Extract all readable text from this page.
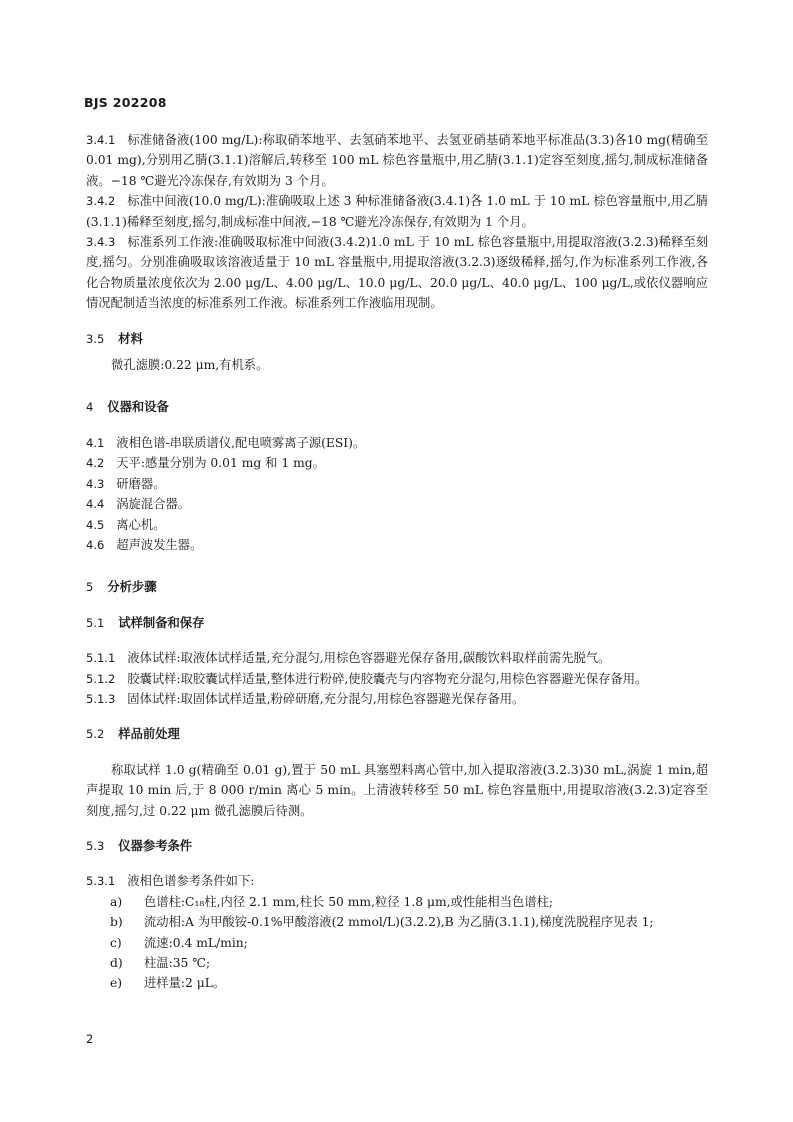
BJS 202208

3.4.1 标准储备液(100 mg/L):称取硝苯地平、去氢硝苯地平、去氢亚硝基硝苯地平标准品(3.3)各10 mg(精确至 0.01 mg),分别用乙腈(3.1.1)溶解后,转移至 100 mL 棕色容量瓶中,用乙腈(3.1.1)定容至刻度,摇匀,制成标准储备液。−18 ℃避光冷冻保存,有效期为 3 个月。

3.4.2 标准中间液(10.0 mg/L):准确吸取上述 3 种标准储备液(3.4.1)各 1.0 mL 于 10 mL 棕色容量瓶中,用乙腈(3.1.1)稀释至刻度,摇匀,制成标准中间液,−18 ℃避光冷冻保存,有效期为 1 个月。

3.4.3 标准系列工作液:准确吸取标准中间液(3.4.2)1.0 mL 于 10 mL 棕色容量瓶中,用提取溶液(3.2.3)稀释至刻度,摇匀。分别准确吸取该溶液适量于 10 mL 容量瓶中,用提取溶液(3.2.3)逐级稀释,摇匀,作为标准系列工作液,各化合物质量浓度依次为 2.00 μg/L、4.00 μg/L、10.0 μg/L、20.0 μg/L、40.0 μg/L、100 μg/L,或依仪器响应情况配制适当浓度的标准系列工作液。标准系列工作液临用现制。

3.5 材料

微孔滤膜:0.22 μm,有机系。

4 仪器和设备

4.1 液相色谱-串联质谱仪,配电喷雾离子源(ESI)。

4.2 天平:感量分别为 0.01 mg 和 1 mg。

4.3 研磨器。

4.4 涡旋混合器。

4.5 离心机。

4.6 超声波发生器。

5 分析步骤

5.1 试样制备和保存

5.1.1 液体试样:取液体试样适量,充分混匀,用棕色容器避光保存备用,碳酸饮料取样前需先脱气。

5.1.2 胶囊试样:取胶囊试样适量,整体进行粉碎,使胶囊壳与内容物充分混匀,用棕色容器避光保存备用。

5.1.3 固体试样:取固体试样适量,粉碎研磨,充分混匀,用棕色容器避光保存备用。

5.2 样品前处理

称取试样 1.0 g(精确至 0.01 g),置于 50 mL 具塞塑料离心管中,加入提取溶液(3.2.3)30 mL,涡旋 1 min,超声提取 10 min 后,于 8 000 r/min 离心 5 min。上清液转移至 50 mL 棕色容量瓶中,用提取溶液(3.2.3)定容至刻度,摇匀,过 0.22 μm 微孔滤膜后待测。

5.3 仪器参考条件

5.3.1 液相色谱参考条件如下:

a)	色谱柱:C₁₈柱,内径 2.1 mm,柱长 50 mm,粒径 1.8 μm,或性能相当色谱柱;
b)	流动相:A 为甲酸铵-0.1%甲酸溶液(2 mmol/L)(3.2.2),B 为乙腈(3.1.1),梯度洗脱程序见表 1;
c)	流速:0.4 mL/min;
d)	柱温:35 ℃;
e)	进样量:2 μL。
2
